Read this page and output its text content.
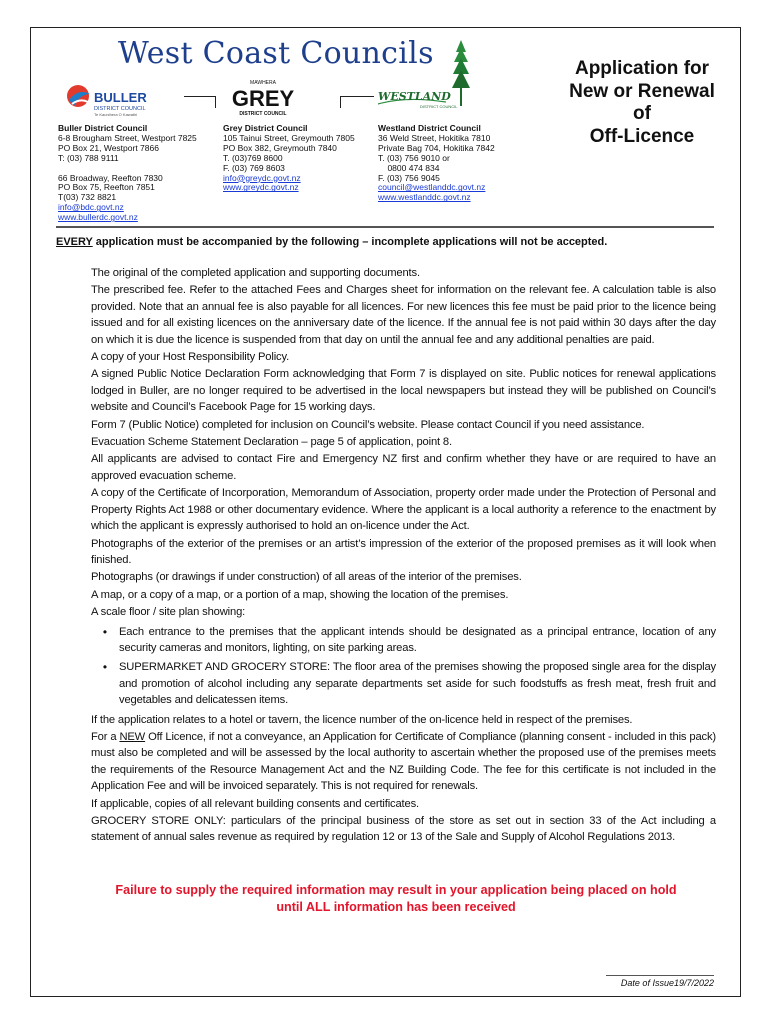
West Coast Councils	Application for
New or Renewal
of
Off-Licence
BULLER
DISTRICT COUNCIL
Te Kaunihera O Kawatiri
MAWHERA
GREY
DISTRICT COUNCIL
WESTLAND
DISTRICT COUNCIL
Buller District Council
6-8 Brougham Street, Westport 7825
PO Box 21, Westport 7866
T: (03) 788 9111
66 Broadway, Reefton 7830
PO Box 75, Reefton 7851
T(03) 732 8821
info@bdc.govt.nz
www.bullerdc.govt.nz
Grey District Council
105 Tainui Street, Greymouth 7805
PO Box 382, Greymouth 7840
T. (03)769 8600
F. (03) 769 8603
info@greydc.govt.nz
www.greydc.govt.nz
Westland District Council
36 Weld Street, Hokitika 7810
Private Bag 704, Hokitika 7842
T. (03) 756 9010 or
0800 474 834
F. (03) 756 9045
council@westlanddc.govt.nz
www.westlanddc.govt.nz
EVERY application must be accompanied by the following – incomplete applications will not be accepted.
The original of the completed application and supporting documents.
The prescribed fee. Refer to the attached Fees and Charges sheet for information on the relevant fee. A calculation table is also provided. Note that an annual fee is also payable for all licences. For new licences this fee must be paid prior to the licence being issued and for all existing licences on the anniversary date of the licence. If the annual fee is not paid within 30 days after the day on which it is due the licence is suspended from that day on until the annual fee and any additional penalties are paid.
A copy of your Host Responsibility Policy.
A signed Public Notice Declaration Form acknowledging that Form 7 is displayed on site. Public notices for renewal applications lodged in Buller, are no longer required to be advertised in the local newspapers but instead they will be published on Council’s website and Council’s Facebook Page for 15 working days.
Form 7 (Public Notice) completed for inclusion on Council’s website. Please contact Council if you need assistance.
Evacuation Scheme Statement Declaration – page 5 of application, point 8.
All applicants are advised to contact Fire and Emergency NZ first and confirm whether they have or are required to have an approved evacuation scheme.
A copy of the Certificate of Incorporation, Memorandum of Association, property order made under the Protection of Personal and Property Rights Act 1988 or other documentary evidence. Where the applicant is a local authority a reference to the enactment by which the applicant is expressly authorised to hold an on-licence under the Act.
Photographs of the exterior of the premises or an artist’s impression of the exterior of the proposed premises as it will look when finished.
Photographs (or drawings if under construction) of all areas of the interior of the premises.
A map, or a copy of a map, or a portion of a map, showing the location of the premises.
A scale floor / site plan showing:
•	Each entrance to the premises that the applicant intends should be designated as a principal entrance, location of any security cameras and monitors, lighting, on site parking areas.
•	SUPERMARKET AND GROCERY STORE: The floor area of the premises showing the proposed single area for the display and promotion of alcohol including any separate departments set aside for such foodstuffs as fresh meat, fresh fruit and vegetables and delicatessen items.
If the application relates to a hotel or tavern, the licence number of the on-licence held in respect of the premises.
For a NEW Off Licence, if not a conveyance, an Application for Certificate of Compliance (planning consent - included in this pack) must also be completed and will be assessed by the local authority to ascertain whether the proposed use of the premises meets the requirements of the Resource Management Act and the NZ Building Code. The fee for this certificate is not included in the Application Fee and will be invoiced separately. This is not required for renewals.
If applicable, copies of all relevant building consents and certificates.
GROCERY STORE ONLY: particulars of the principal business of the store as set out in section 33 of the Act including a statement of annual sales revenue as required by regulation 12 or 13 of the Sale and Supply of Alcohol Regulations 2013.
Failure to supply the required information may result in your application being placed on hold
until ALL information has been received
Date of Issue19/7/2022
